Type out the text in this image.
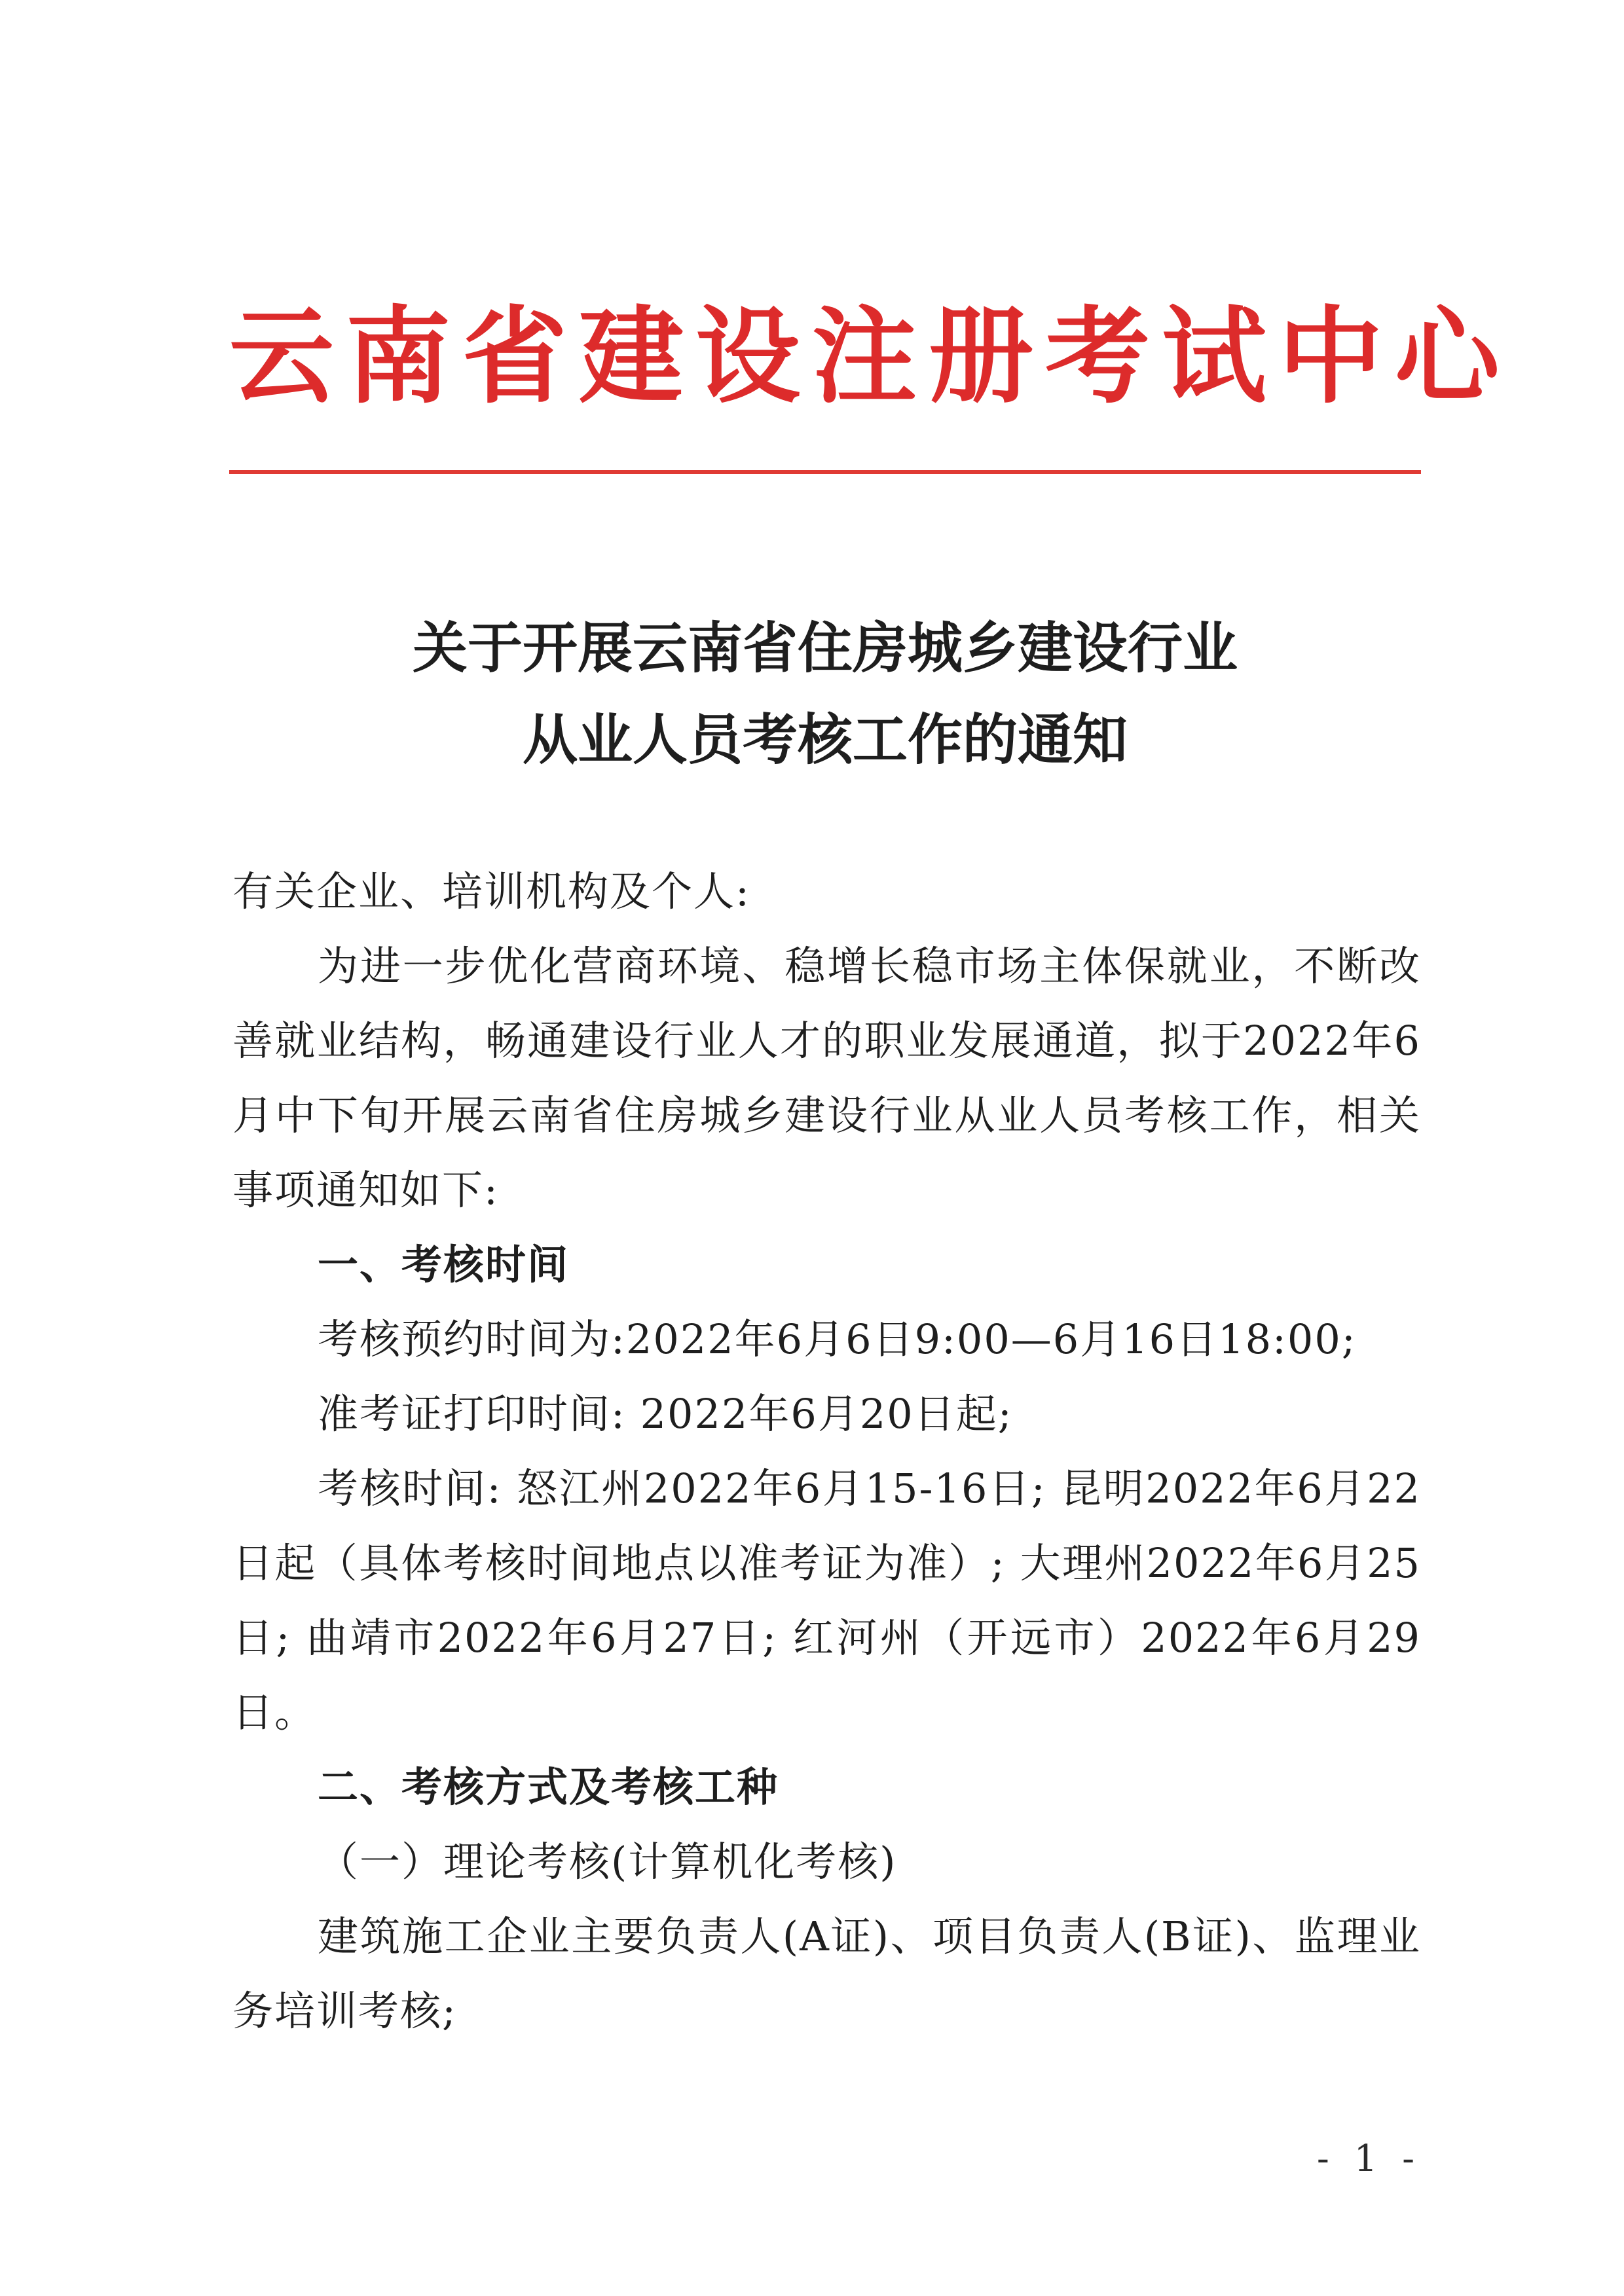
云南省建设注册考试中心
关于开展云南省住房城乡建设行业
从业人员考核工作的通知

有关企业、培训机构及个人:

为进一步优化营商环境、稳增长稳市场主体保就业，不断改善就业结构，畅通建设行业人才的职业发展通道，拟于2022年6月中下旬开展云南省住房城乡建设行业从业人员考核工作，相关事项通知如下:

一、考核时间

考核预约时间为:2022年6月6日9:00—6月16日18:00;

准考证打印时间: 2022年6月20日起;

考核时间: 怒江州2022年6月15-16日; 昆明2022年6月22日起（具体考核时间地点以准考证为准）; 大理州2022年6月25日; 曲靖市2022年6月27日; 红河州（开远市）2022年6月29日。

二、考核方式及考核工种

（一）理论考核(计算机化考核)

建筑施工企业主要负责人(A证)、项目负责人(B证)、监理业务培训考核;

- 1 -
